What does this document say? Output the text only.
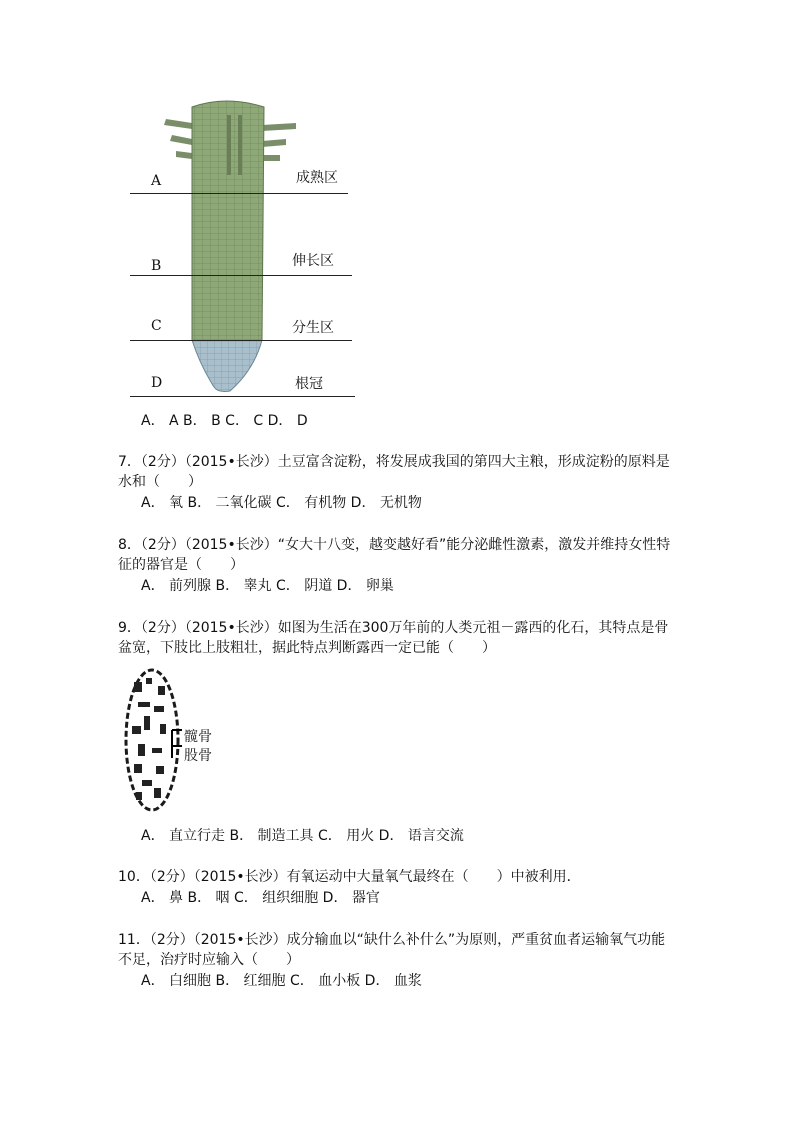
A	成熟区
B	伸长区
C	分生区
D	根冠
A． A B． B C． C D． D
7．（2分）（2015•长沙）土豆富含淀粉，将发展成我国的第四大主粮，形成淀粉的原料是
水和（　　）
A． 氧 B． 二氧化碳 C． 有机物 D． 无机物
8．（2分）（2015•长沙）“女大十八变，越变越好看”能分泌雌性激素，激发并维持女性特
征的器官是（　　）
A． 前列腺 B． 睾丸 C． 阴道 D． 卵巢
9．（2分）（2015•长沙）如图为生活在300万年前的人类元祖－露西的化石，其特点是骨
盆宽，下肢比上肢粗壮，据此特点判断露西一定已能（　　）
髋骨
股骨
A． 直立行走 B． 制造工具 C． 用火 D． 语言交流
10．（2分）（2015•长沙）有氧运动中大量氧气最终在（　　）中被利用．
A． 鼻 B． 咽 C． 组织细胞 D． 器官
11．（2分）（2015•长沙）成分输血以“缺什么补什么”为原则，严重贫血者运输氧气功能
不足，治疗时应输入（　　）
A． 白细胞 B． 红细胞 C． 血小板 D． 血浆
